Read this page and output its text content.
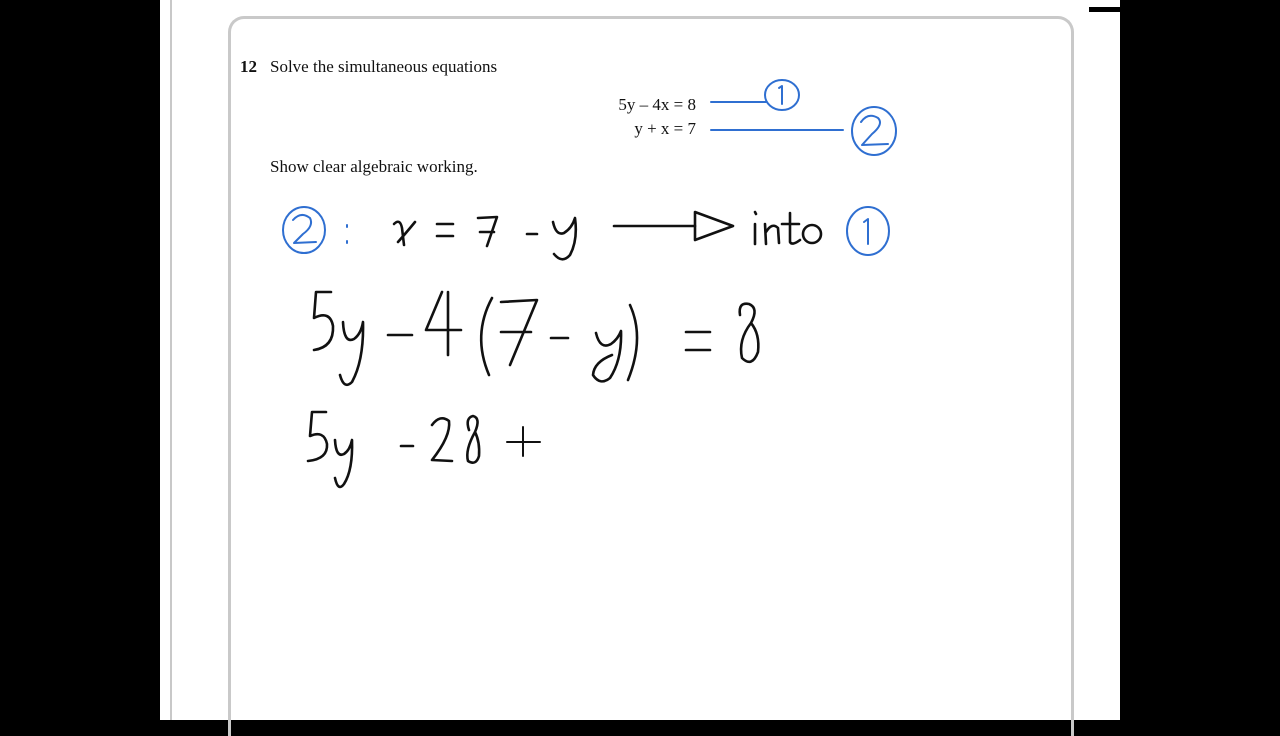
12 Solve the simultaneous equations
5y – 4x = 8
y + x = 7
Show clear algebraic working.
